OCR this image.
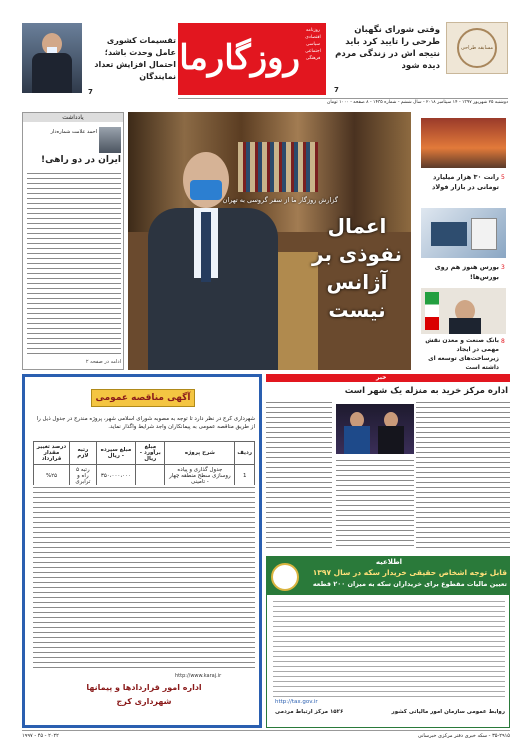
مسابقه طراحی
وقتی شورای نگهبان طرحی را تایید کرد باید نتیجه اش در زندگی مردم دیده شود
7
روزگارما
روزنامه اقتصادی سیاسی اجتماعی فرهنگی
تقسیمات کشوری عامل وحدت باشد؛احتمال افزایش تعداد نمایندگان
7
دوشنبه ۲۵ شهریور ۱۳۹۷ - ۱۴ سپتامبر ۲۰۱۸ - سال ششم - شماره ۱۴۳۵ - ۸ صفحه - ۱۰۰۰ تومان
یادداشت
احمد علامت شماره‌دار
ایران در دو راهی!
ادامه در صفحه ۲
گزارش روزگار ما از سفر گروسی به تهران
اعمال نفوذی بر آژانس نیست
رانت ۳۰ هزار میلیارد تومانی در بازار فولاد
5
بورس هنوز هم روی بورس‌ها!
3
بانک صنعت و معدن نقش مهمی در ایجاد زیرساخت‌های توسعه ای داشته است
8
آگهی مناقصه عمومی
شهرداری کرج در نظر دارد تا توجه به مصوبه شورای اسلامی شهر، پروژه مندرج در جدول ذیل را از طریق مناقصه عمومی به پیمانکاران واجد شرایط واگذار نماید.
ردیف	شرح پروژه	مبلغ برآورد - ریال	مبلغ سپرده - ریال	رتبه لازم	درصد تغییر مقدار قرارداد
1	جدول گذاری و پیاده روسازی سطح منطقه چهار - تامینی		۳۵۰،۰۰۰،۰۰۰	رتبه ۵ راه و ترابری	%۲۵
http://www.karaj.ir
اداره امور قراردادها و پیمانها
شهرداری کرج
خبر
اداره مرکز خرید به منزله یک شهر است
اطلاعیه
قابل توجه اشخاص حقیقی خریدار سکه در سال ۱۳۹۷
تعیین مالیات مقطوع برای خریداران سکه به میزان ۲۰۰ قطعه
http://tax.gov.ir
روابط عمومی سازمان امور مالیاتی کشور
۱۵۲۶ مرکز ارتباط مردمی
۳۵-۲۹۱۵ - سکه خبری دفتر مرکزی خبرسانی
۱۹۹۷ - ۴۵ - ۲۰۲۲
